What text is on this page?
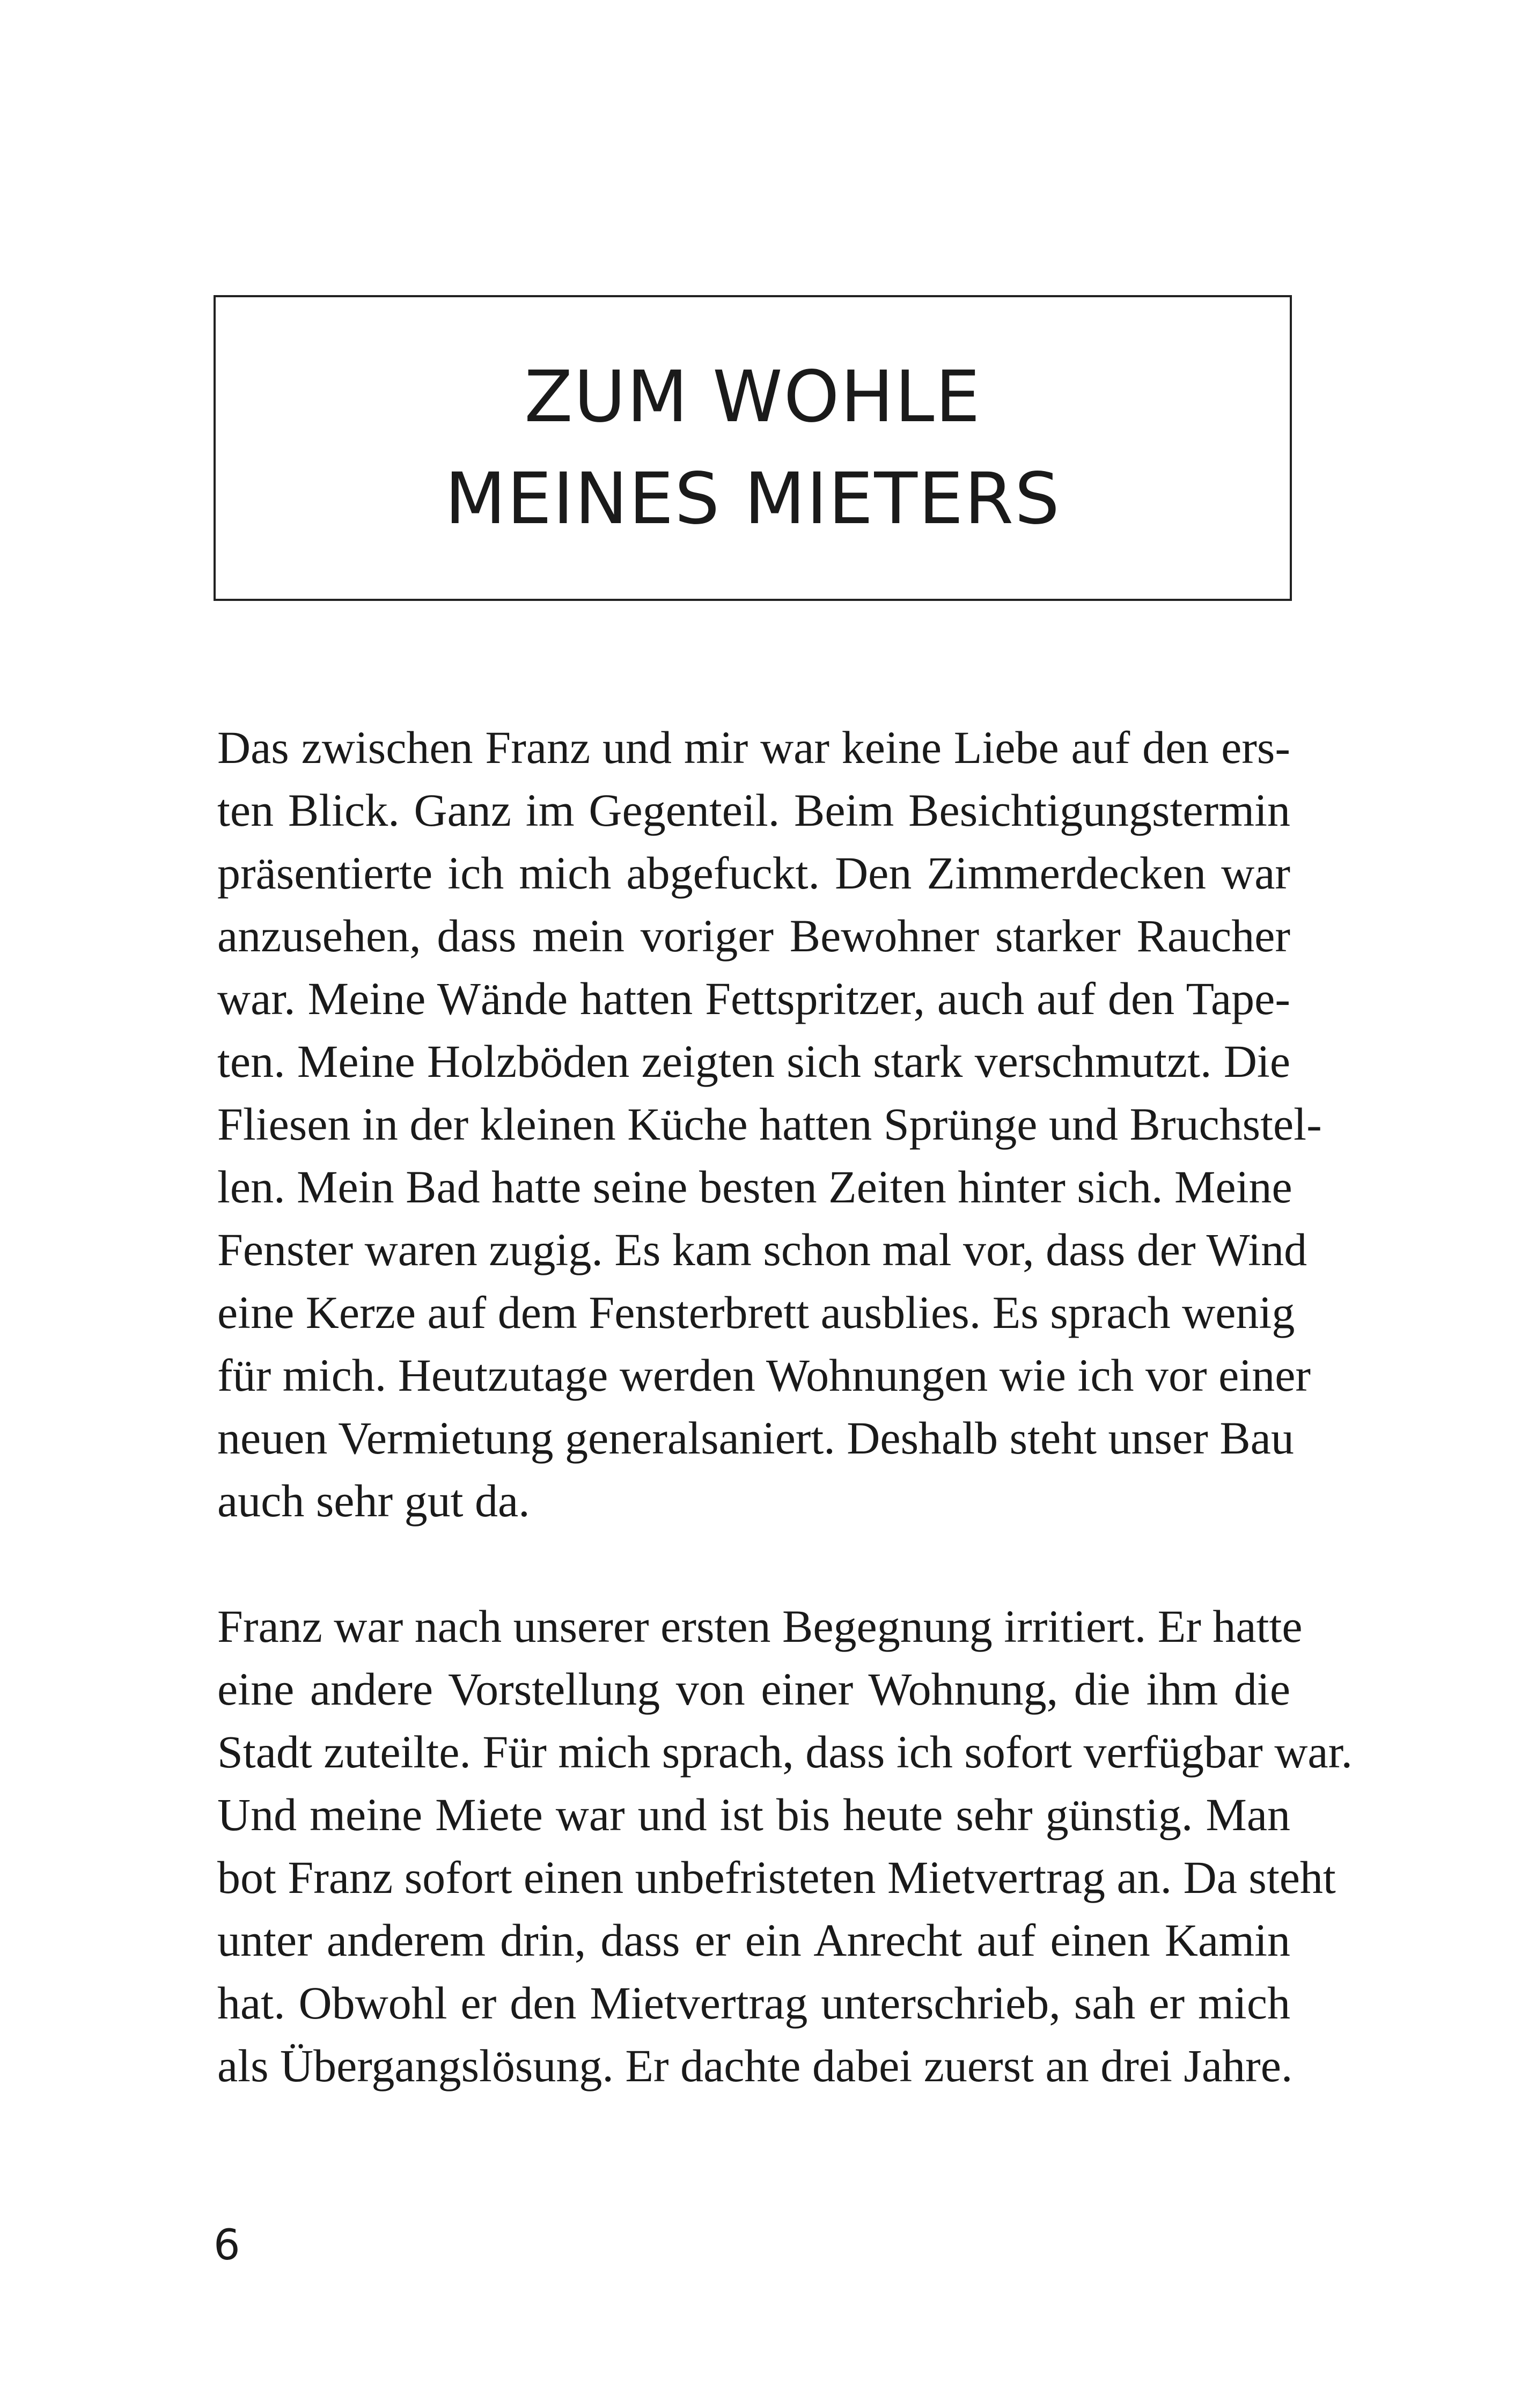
ZUM WOHLE
MEINES MIETERS
Das zwischen Franz und mir war keine Liebe auf den ers-
ten Blick. Ganz im Gegenteil. Beim Besichtigungstermin
präsentierte ich mich abgefuckt. Den Zimmerdecken war
anzusehen, dass mein voriger Bewohner starker Raucher
war. Meine Wände hatten Fettspritzer, auch auf den Tape-
ten. Meine Holzböden zeigten sich stark verschmutzt. Die
Fliesen in der kleinen Küche hatten Sprünge und Bruchstel-
len. Mein Bad hatte seine besten Zeiten hinter sich. Meine
Fenster waren zugig. Es kam schon mal vor, dass der Wind
eine Kerze auf dem Fensterbrett ausblies. Es sprach wenig
für mich. Heutzutage werden Wohnungen wie ich vor einer
neuen Vermietung generalsaniert. Deshalb steht unser Bau
auch sehr gut da.
Franz war nach unserer ersten Begegnung irritiert. Er hatte
eine andere Vorstellung von einer Wohnung, die ihm die
Stadt zuteilte. Für mich sprach, dass ich sofort verfügbar war.
Und meine Miete war und ist bis heute sehr günstig. Man
bot Franz sofort einen unbefristeten Mietvertrag an. Da steht
unter anderem drin, dass er ein Anrecht auf einen Kamin
hat. Obwohl er den Mietvertrag unterschrieb, sah er mich
als Übergangslösung. Er dachte dabei zuerst an drei Jahre.
6
